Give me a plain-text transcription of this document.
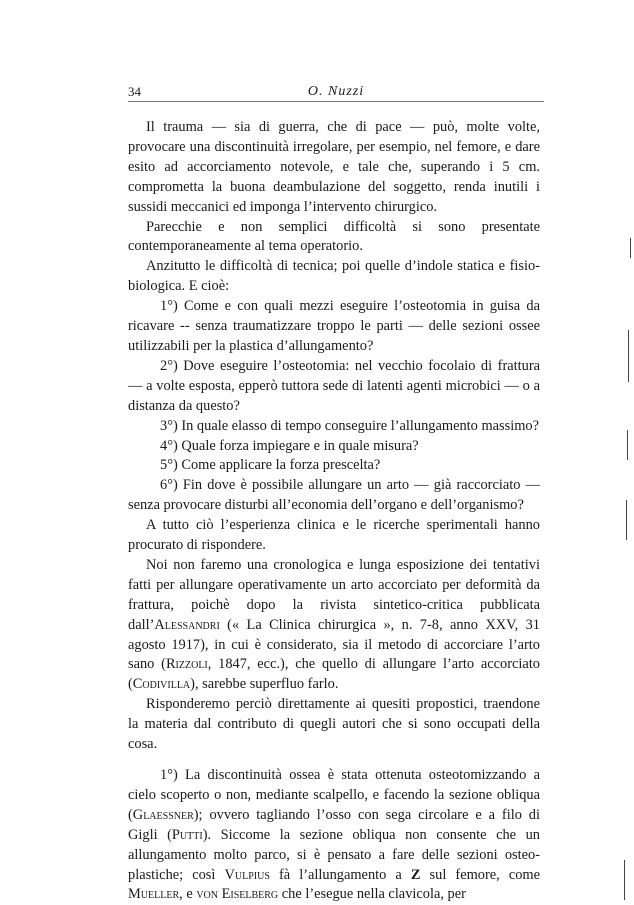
34	O. Nuzzi

Il trauma — sia di guerra, che di pace — può, molte volte, provocare una discontinuità irregolare, per esempio, nel femore, e dare esito ad accorciamento notevole, e tale che, superando i 5 cm. comprometta la buona deambulazione del soggetto, renda inutili i sussidi meccanici ed imponga l’intervento chirurgico.

Parecchie e non semplici difficoltà si sono presentate contemporaneamente al tema operatorio.

Anzitutto le difficoltà di tecnica; poi quelle d’indole statica e fisio-biologica. E cioè:

1°) Come e con quali mezzi eseguire l’osteotomia in guisa da ricavare -- senza traumatizzare troppo le parti — delle sezioni ossee utilizzabili per la plastica d’allungamento?

2°) Dove eseguire l’osteotomia: nel vecchio focolaio di frattura — a volte esposta, epperò tuttora sede di latenti agenti microbici — o a distanza da questo?

3°) In quale elasso di tempo conseguire l’allungamento massimo?

4°) Quale forza impiegare e in quale misura?

5°) Come applicare la forza prescelta?

6°) Fin dove è possibile allungare un arto — già raccorciato — senza provocare disturbi all’economia dell’organo e dell’organismo?

A tutto ciò l’esperienza clinica e le ricerche sperimentali hanno procurato di rispondere.

Noi non faremo una cronologica e lunga esposizione dei tentativi fatti per allungare operativamente un arto accorciato per deformità da frattura, poichè dopo la rivista sintetico-critica pubblicata dall’Alessandri (« La Clinica chirurgica », n. 7-8, anno XXV, 31 agosto 1917), in cui è considerato, sia il metodo di accorciare l’arto sano (Rizzoli, 1847, ecc.), che quello di allungare l’arto accorciato (Codivilla), sarebbe superfluo farlo.

Risponderemo perciò direttamente ai quesiti propostici, traendone la materia dal contributo di quegli autori che si sono occupati della cosa.

1°) La discontinuità ossea è stata ottenuta osteotomizzando a cielo scoperto o non, mediante scalpello, e facendo la sezione obliqua (Glaessner); ovvero tagliando l’osso con sega circolare e a filo di Gigli (Putti). Siccome la sezione obliqua non consente che un allungamento molto parco, si è pensato a fare delle sezioni osteo-plastiche; così Vulpius fà l’allungamento a Z sul femore, come Mueller, e von Eiselberg che l’esegue nella clavicola, per
